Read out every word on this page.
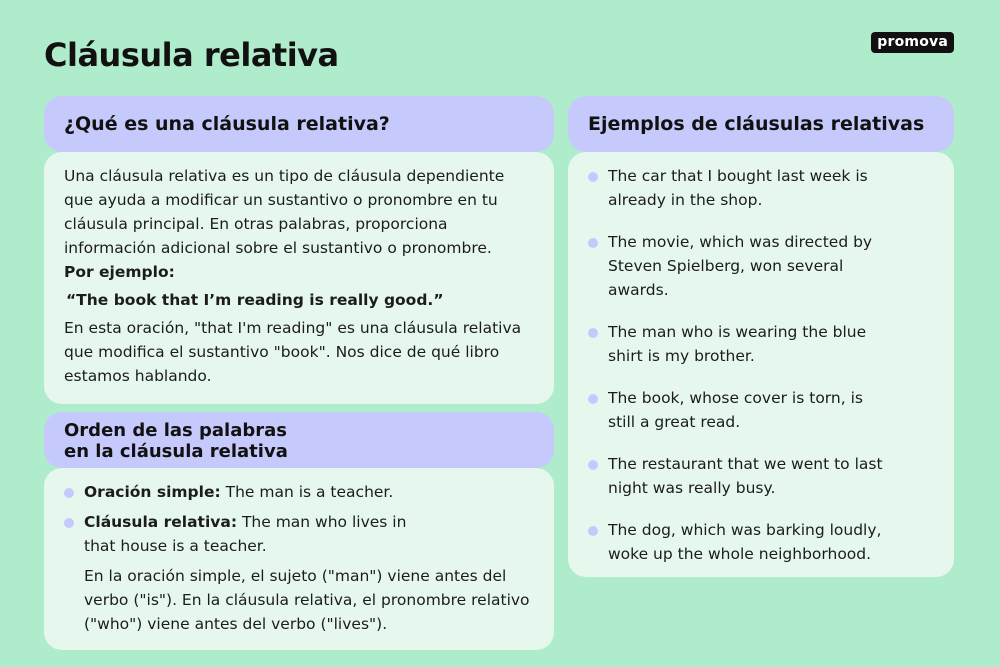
Cláusula relativa	promova
¿Qué es una cláusula relativa?

Una cláusula relativa es un tipo de cláusula dependiente que ayuda a modificar un sustantivo o pronombre en tu cláusula principal. En otras palabras, proporciona información adicional sobre el sustantivo o pronombre.

Por ejemplo:

“The book that I’m reading is really good.”

En esta oración, "that I'm reading" es una cláusula relativa que modifica el sustantivo "book". Nos dice de qué libro estamos hablando.

Orden de las palabras
en la cláusula relativa
Oración simple: The man is a teacher.
Cláusula relativa: The man who lives in that house is a teacher.

En la oración simple, el sujeto ("man") viene antes del verbo ("is"). En la cláusula relativa, el pronombre relativo ("who") viene antes del verbo ("lives").

Ejemplos de cláusulas relativas
The car that I bought last week is already in the shop.
The movie, which was directed by Steven Spielberg, won several awards.
The man who is wearing the blue shirt is my brother.
The book, whose cover is torn, is still a great read.
The restaurant that we went to last night was really busy.
The dog, which was barking loudly, woke up the whole neighborhood.
